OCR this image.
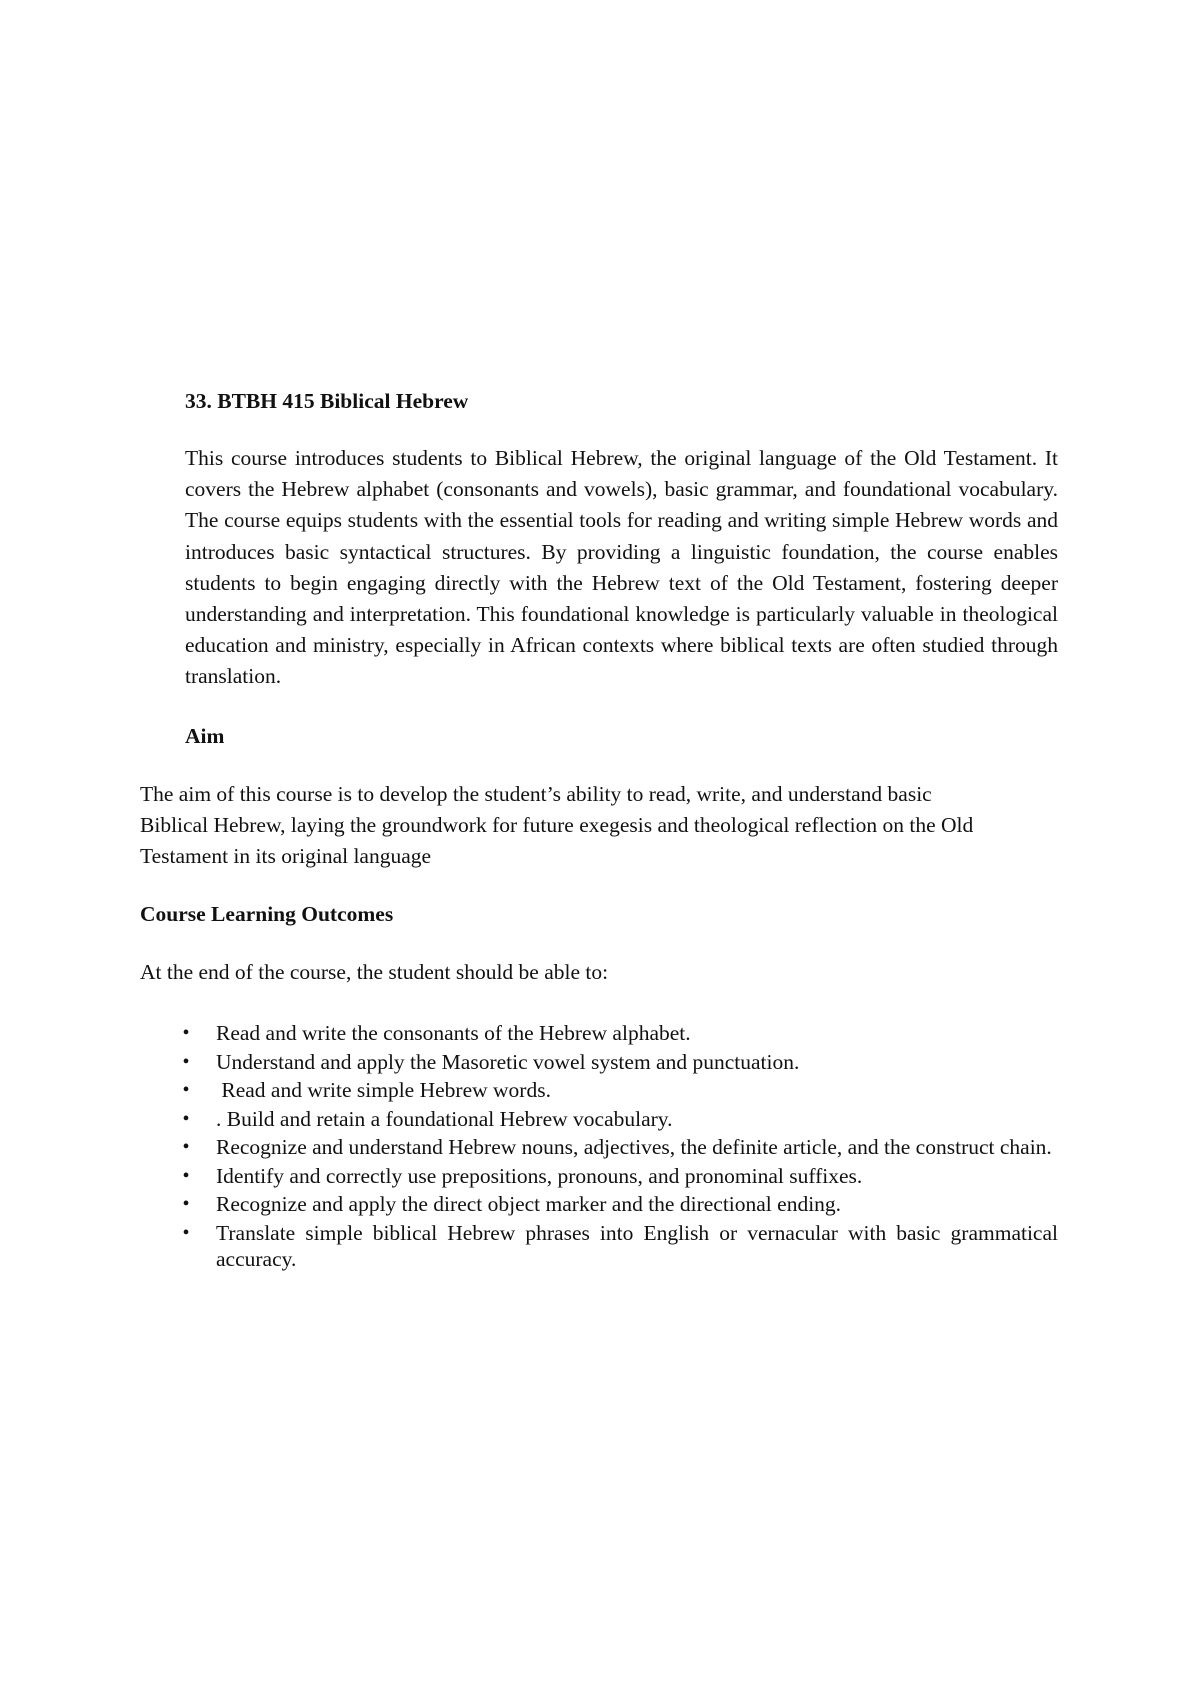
33. BTBH 415 Biblical Hebrew

This course introduces students to Biblical Hebrew, the original language of the Old Testament. It covers the Hebrew alphabet (consonants and vowels), basic grammar, and foundational vocabulary. The course equips students with the essential tools for reading and writing simple Hebrew words and introduces basic syntactical structures. By providing a linguistic foundation, the course enables students to begin engaging directly with the Hebrew text of the Old Testament, fostering deeper understanding and interpretation. This foundational knowledge is particularly valuable in theological education and ministry, especially in African contexts where biblical texts are often studied through translation.

Aim

The aim of this course is to develop the student’s ability to read, write, and understand basic
Biblical Hebrew, laying the groundwork for future exegesis and theological reflection on the Old
Testament in its original language

Course Learning Outcomes

At the end of the course, the student should be able to:

•	Read and write the consonants of the Hebrew alphabet.
•	Understand and apply the Masoretic vowel system and punctuation.
•	Read and write simple Hebrew words.
•	. Build and retain a foundational Hebrew vocabulary.
•	Recognize and understand Hebrew nouns, adjectives, the definite article, and the construct chain.
•	Identify and correctly use prepositions, pronouns, and pronominal suffixes.
•	Recognize and apply the direct object marker and the directional ending.
•	Translate simple biblical Hebrew phrases into English or vernacular with basic grammatical accuracy.
